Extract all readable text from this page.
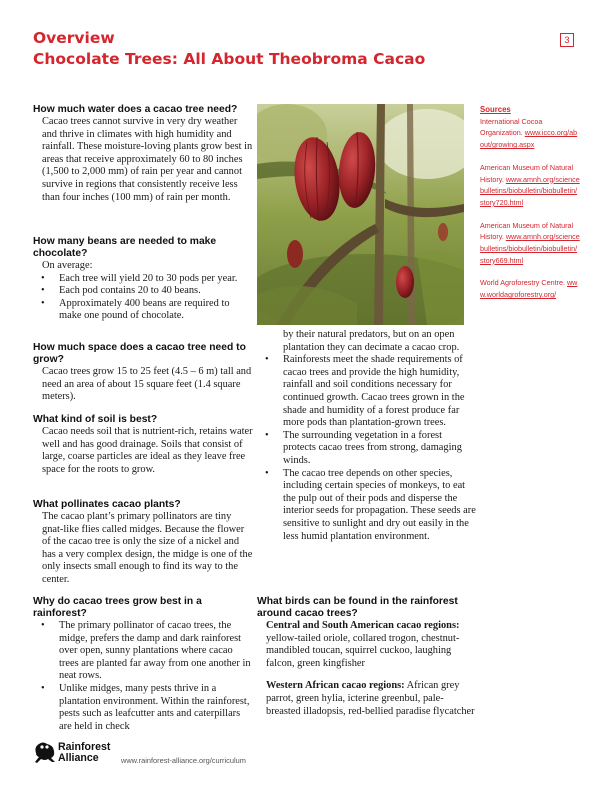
Overview
Chocolate Trees: All About Theobroma Cacao
3
How much water does a cacao tree need?

Cacao trees cannot survive in very dry weather and thrive in climates with high humidity and rainfall. These moisture-loving plants grow best in areas that receive approximately 60 to 80 inches (1,500 to 2,000 mm) of rain per year and cannot survive in regions that consistently receive less than four inches (100 mm) of rain per month.

How many beans are needed to make chocolate?

On average:

• Each tree will yield 20 to 30 pods per year.
• Each pod contains 20 to 40 beans.
• Approximately 400 beans are required to make one pound of chocolate.
How much space does a cacao tree need to grow?

Cacao trees grow 15 to 25 feet (4.5 – 6 m) tall and need an area of about 15 square feet (1.4 square meters).

What kind of soil is best?

Cacao needs soil that is nutrient-rich, retains water well and has good drainage. Soils that consist of large, coarse particles are ideal as they leave free space for the roots to grow.

What pollinates cacao plants?

The cacao plant’s primary pollinators are tiny gnat-like flies called midges. Because the flower of the cacao tree is only the size of a nickel and has a very complex design, the midge is one of the only insects small enough to find its way to the center.

Why do cacao trees grow best in a rainforest?
• The primary pollinator of cacao trees, the midge, prefers the damp and dark rainforest over open, sunny plantations where cacao trees are planted far away from one another in neat rows.
• Unlike midges, many pests thrive in a plantation environment. Within the rainforest, pests such as leafcutter ants and caterpillars are held in check

by their natural predators, but on an open plantation they can decimate a cacao crop.

• Rainforests meet the shade requirements of cacao trees and provide the high humidity, rainfall and soil conditions necessary for continued growth. Cacao trees grown in the shade and humidity of a forest produce far more pods than plantation-grown trees.
• The surrounding vegetation in a forest protects cacao trees from strong, damaging winds.
• The cacao tree depends on other species, including certain species of monkeys, to eat the pulp out of their pods and disperse the interior seeds for propagation. These seeds are sensitive to sunlight and dry out easily in the less humid plantation environment.
What birds can be found in the rainforest around cacao trees?

Central and South American cacao regions: yellow-tailed oriole, collared trogon, chestnut-mandibled toucan, squirrel cuckoo, laughing falcon, green kingfisher

Western African cacao regions: African grey parrot, green hylia, icterine greenbul, pale-breasted illadopsis, red-bellied paradise flycatcher

Sources
International Cocoa Organization. www.icco.org/about/growing.aspx
American Museum of Natural History. www.amnh.org/sciencebulletins/biobulletin/biobulletin/story720.html
American Museum of Natural History. www.amnh.org/sciencebulletins/biobulletin/biobulletin/story669.html
World Agroforestry Centre. www.worldagroforestry.org/
Rainforest
Alliance	www.rainforest-alliance.org/curriculum
